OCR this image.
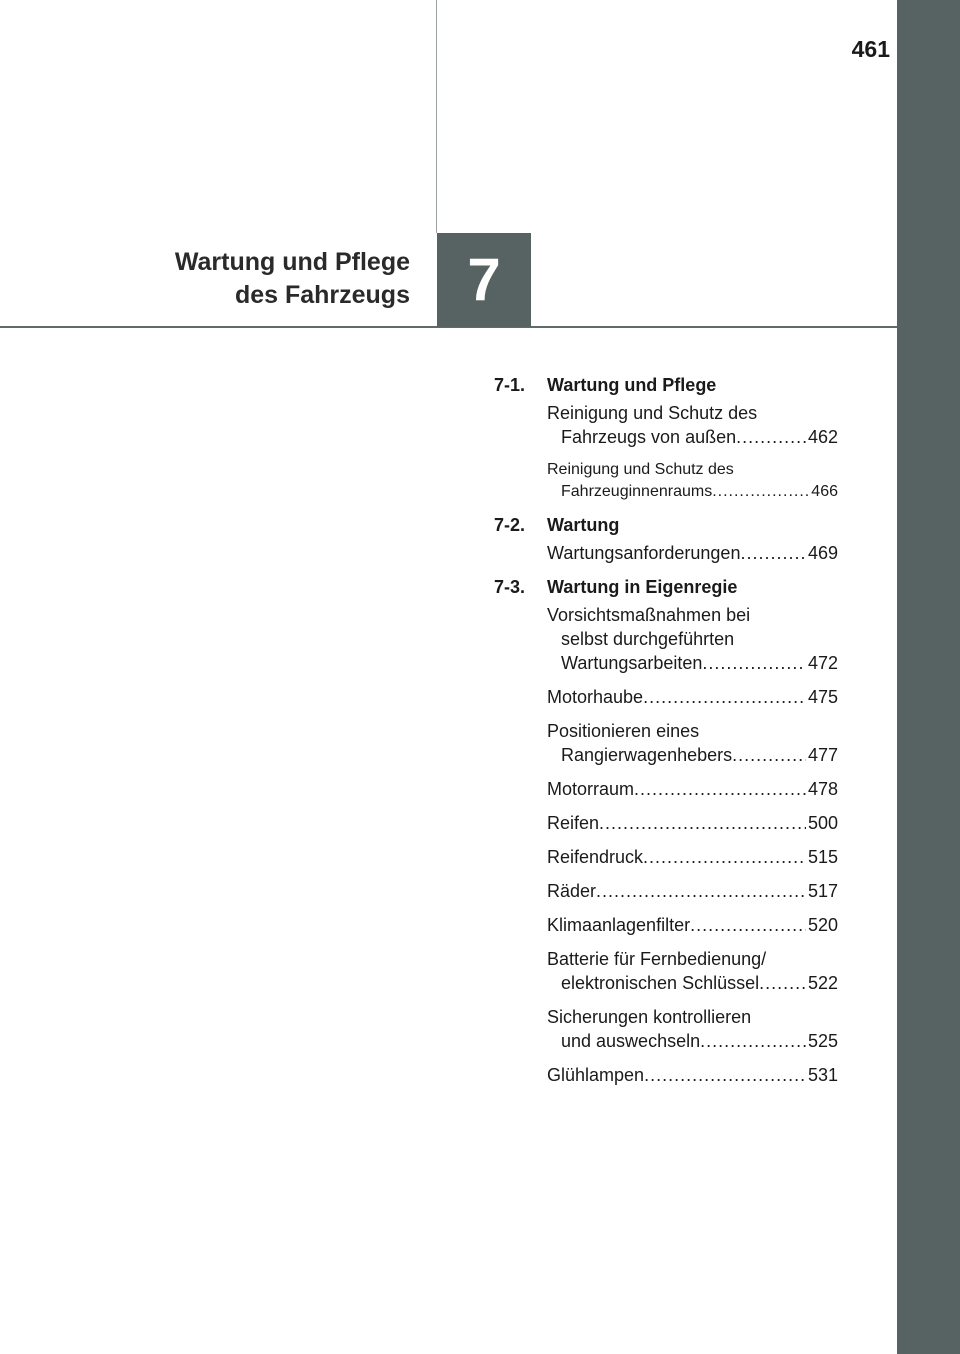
461
Wartung und Pflege
des Fahrzeugs 7
7-1.	Wartung und Pflege
Reinigung und Schutz des
Fahrzeugs von außen .....	462
Reinigung und Schutz des
Fahrzeuginnenraums .....	466
7-2.	Wartung
Wartungsanforderungen .....	469
7-3.	Wartung in Eigenregie
Vorsichtsmaßnahmen bei
selbst durchgeführten
Wartungsarbeiten .....	472
Motorhaube .....	475
Positionieren eines
Rangierwagenhebers .....	477
Motorraum .....	478
Reifen .....	500
Reifendruck .....	515
Räder .....	517
Klimaanlagenfilter .....	520
Batterie für Fernbedienung/
elektronischen Schlüssel .....	522
Sicherungen kontrollieren
und auswechseln .....	525
Glühlampen .....	531
